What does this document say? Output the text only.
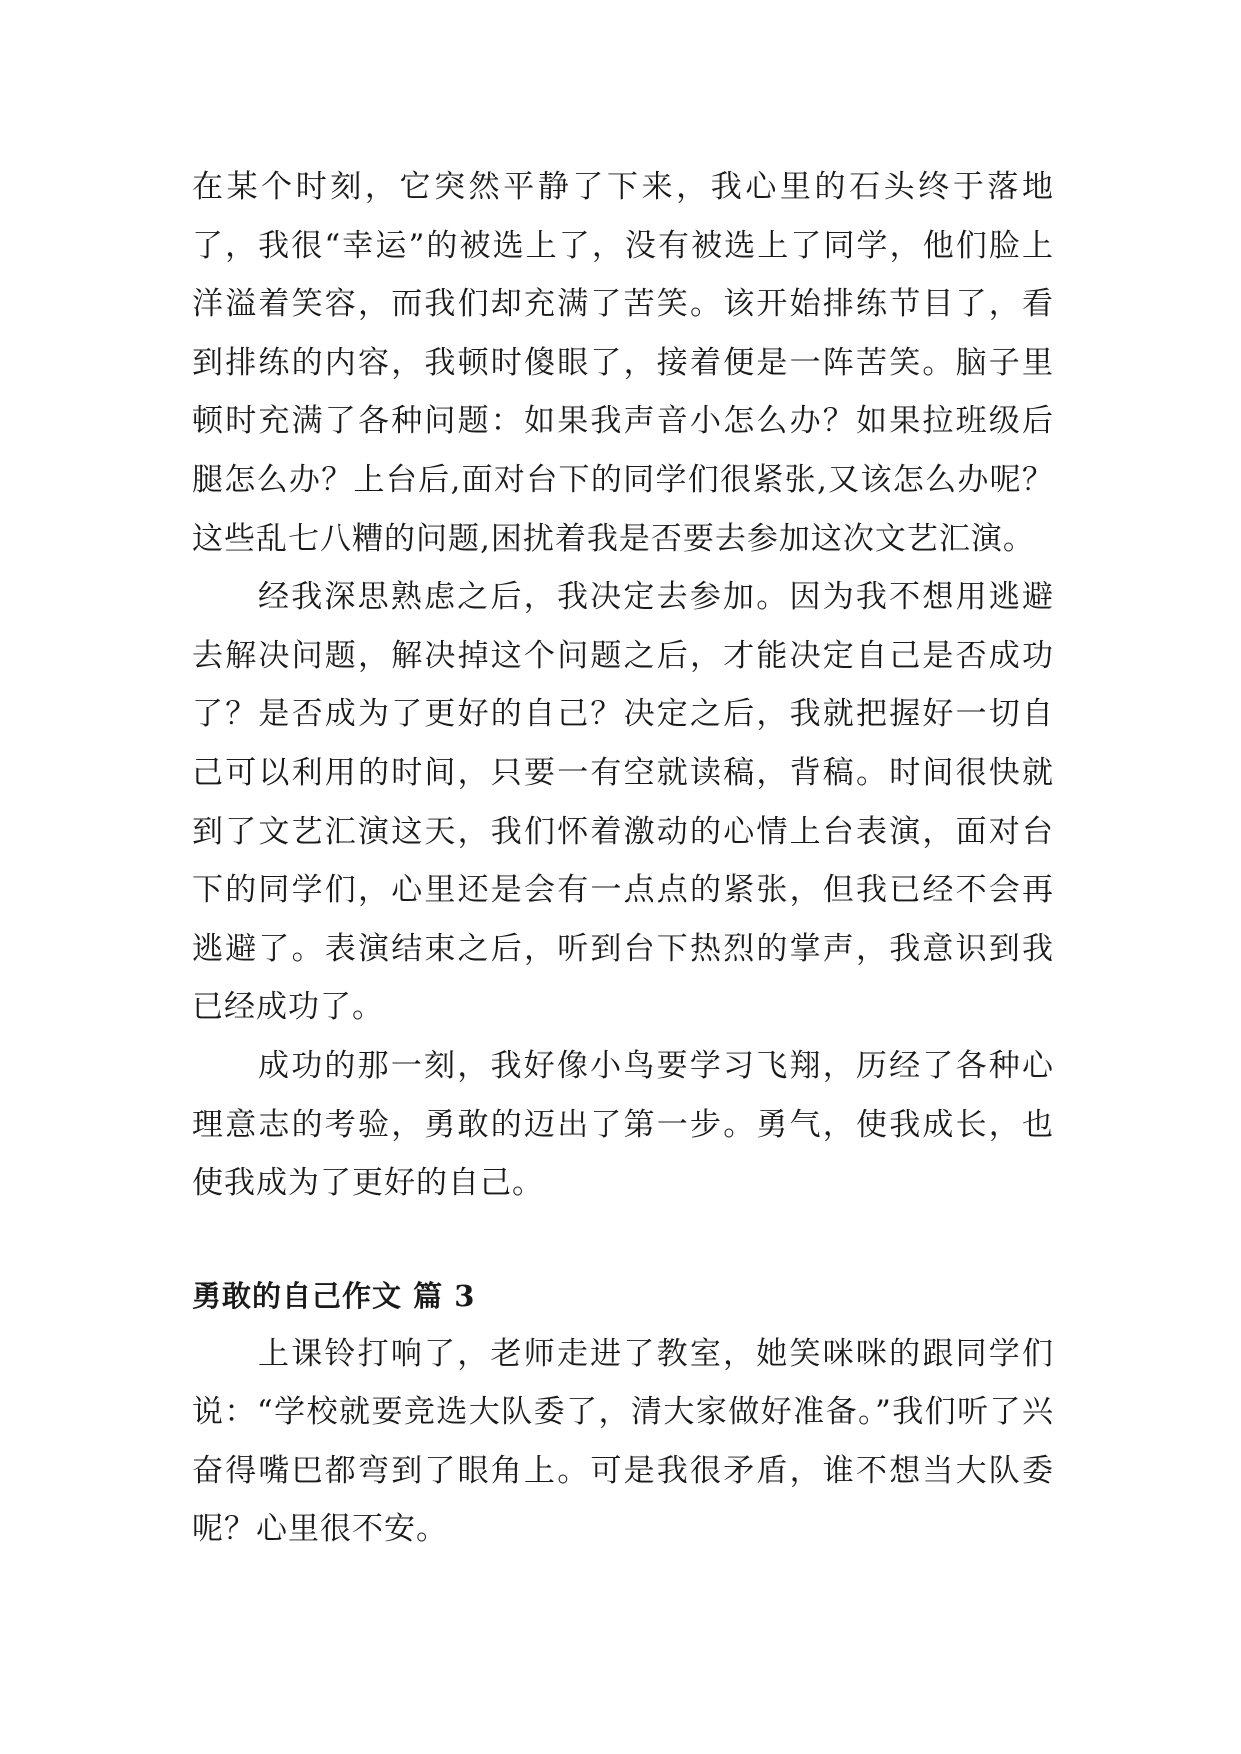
在某个时刻，它突然平静了下来，我心里的石头终于落地了，我很“幸运”的被选上了，没有被选上了同学，他们脸上洋溢着笑容，而我们却充满了苦笑。该开始排练节目了，看到排练的内容，我顿时傻眼了，接着便是一阵苦笑。脑子里顿时充满了各种问题：如果我声音小怎么办？如果拉班级后腿怎么办？上台后,面对台下的同学们很紧张,又该怎么办呢？这些乱七八糟的问题,困扰着我是否要去参加这次文艺汇演。

经我深思熟虑之后，我决定去参加。因为我不想用逃避去解决问题，解决掉这个问题之后，才能决定自己是否成功了？是否成为了更好的自己？决定之后，我就把握好一切自己可以利用的时间，只要一有空就读稿，背稿。时间很快就到了文艺汇演这天，我们怀着激动的心情上台表演，面对台下的同学们，心里还是会有一点点的紧张，但我已经不会再逃避了。表演结束之后，听到台下热烈的掌声，我意识到我已经成功了。

成功的那一刻，我好像小鸟要学习飞翔，历经了各种心理意志的考验，勇敢的迈出了第一步。勇气，使我成长，也使我成为了更好的自己。

勇敢的自己作文 篇 3

上课铃打响了，老师走进了教室，她笑咪咪的跟同学们说：“学校就要竞选大队委了，清大家做好准备。”我们听了兴奋得嘴巴都弯到了眼角上。可是我很矛盾，谁不想当大队委呢？心里很不安。
